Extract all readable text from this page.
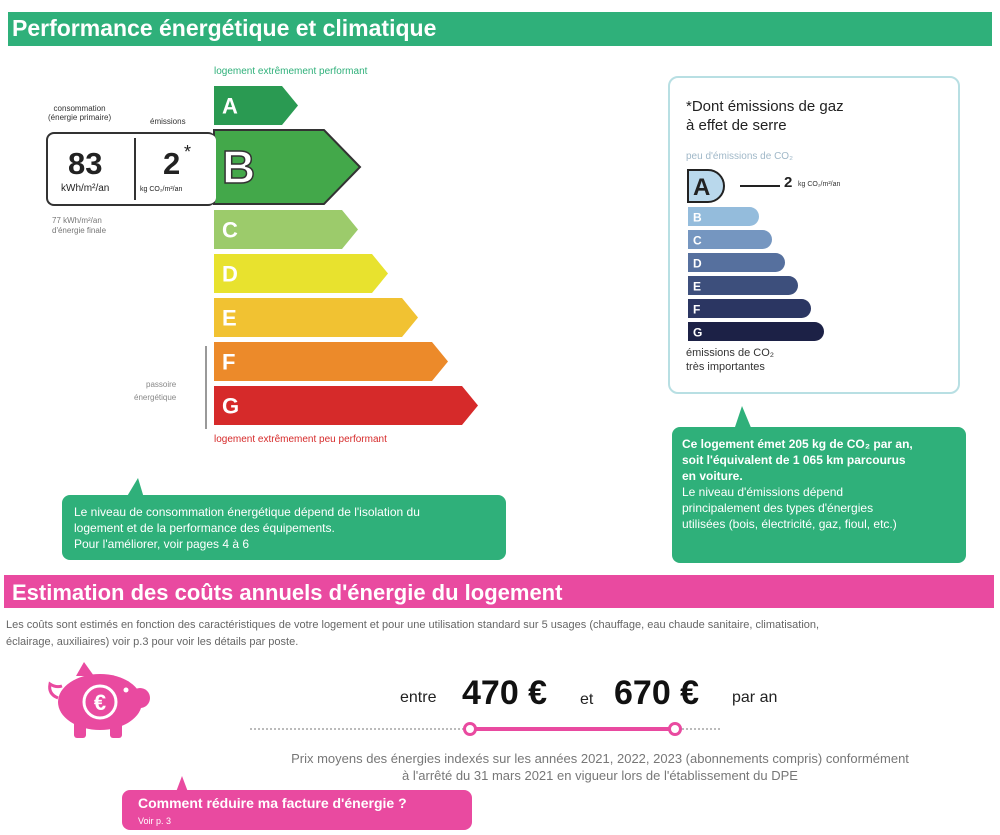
Performance énergétique et climatique
logement extrêmement performant
A
B
C
D
E
F
G
logement extrêmement peu performant
consommation
(énergie primaire)	émissions
83
kWh/m²/an
2 *
kg CO₂/m²/an
77 kWh/m²/an
d'énergie finale
passoire
énergétique
*Dont émissions de gaz
à effet de serre
peu d'émissions de CO₂
A
B
C
D
E
F
G
2 kg CO₂/m²/an
émissions de CO₂
très importantes
Le niveau de consommation énergétique dépend de l'isolation du
logement et de la performance des équipements.
Pour l'améliorer, voir pages 4 à 6
Ce logement émet 205 kg de CO₂ par an,
soit l'équivalent de 1 065 km parcourus
en voiture.
Le niveau d'émissions dépend
principalement des types d'énergies
utilisées (bois, électricité, gaz, fioul, etc.)
Estimation des coûts annuels d'énergie du logement
Les coûts sont estimés en fonction des caractéristiques de votre logement et pour une utilisation standard sur 5 usages (chauffage, eau chaude sanitaire, climatisation,
éclairage, auxiliaires) voir p.3 pour voir les détails par poste.
€	entre 470 € et 670 € par an
Prix moyens des énergies indexés sur les années 2021, 2022, 2023 (abonnements compris) conformément
à l'arrêté du 31 mars 2021 en vigueur lors de l'établissement du DPE
Comment réduire ma facture d'énergie ?
Voir p. 3
